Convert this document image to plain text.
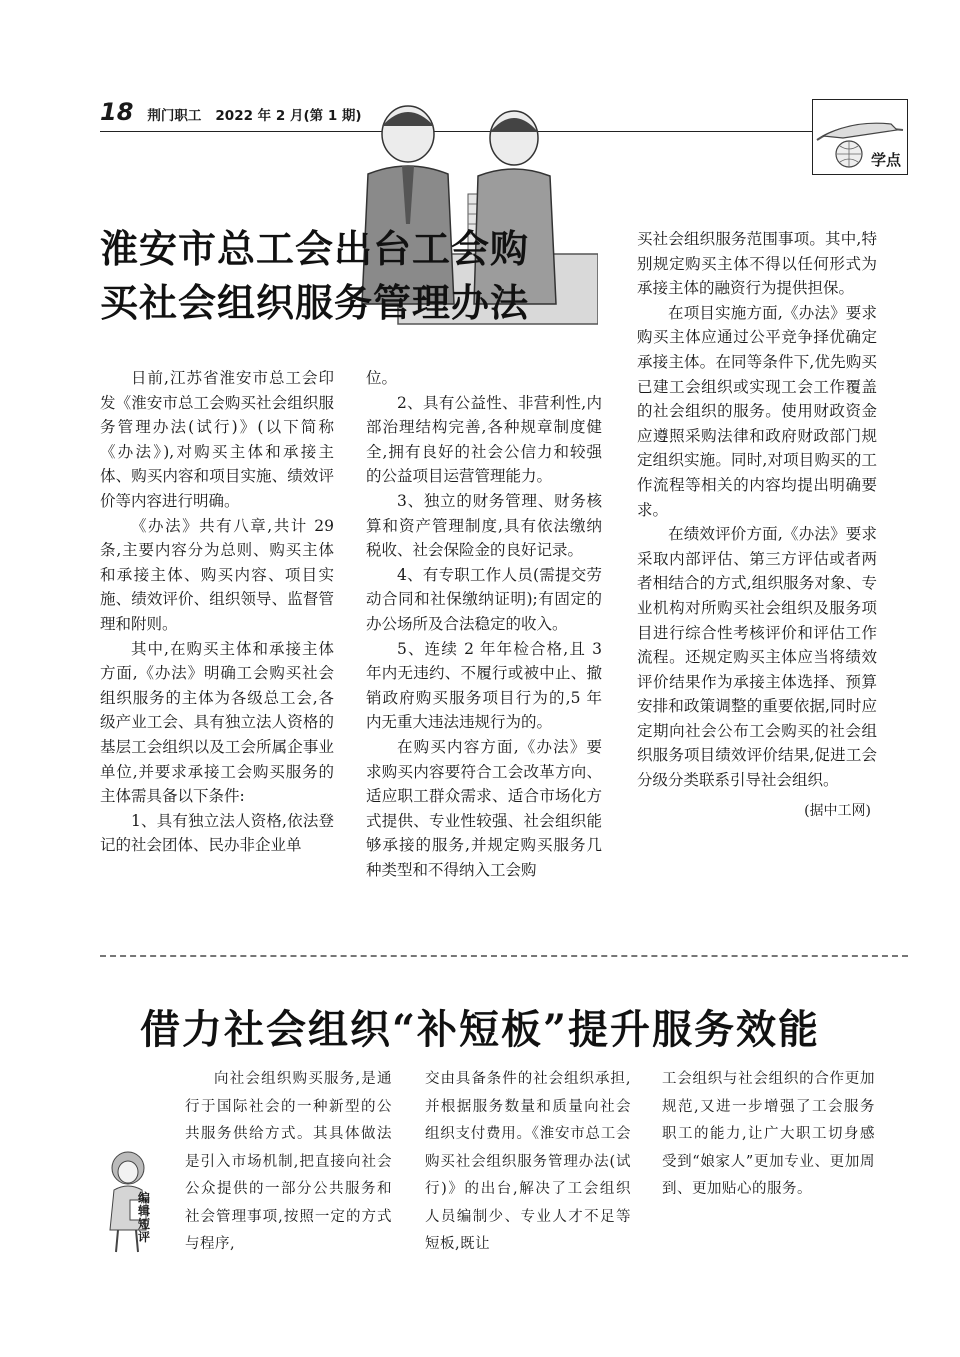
18 荆门职工 2022 年 2 月(第 1 期)
学点
淮安市总工会出台工会购
买社会组织服务管理办法

日前,江苏省淮安市总工会印发《淮安市总工会购买社会组织服务管理办法(试行)》(以下简称《办法》),对购买主体和承接主体、购买内容和项目实施、绩效评价等内容进行明确。

《办法》共有八章,共计 29 条,主要内容分为总则、购买主体和承接主体、购买内容、项目实施、绩效评价、组织领导、监督管理和附则。

其中,在购买主体和承接主体方面,《办法》明确工会购买社会组织服务的主体为各级总工会,各级产业工会、具有独立法人资格的基层工会组织以及工会所属企事业单位,并要求承接工会购买服务的主体需具备以下条件:

1、具有独立法人资格,依法登记的社会团体、民办非企业单

位。

2、具有公益性、非营利性,内部治理结构完善,各种规章制度健全,拥有良好的社会公信力和较强的公益项目运营管理能力。

3、独立的财务管理、财务核算和资产管理制度,具有依法缴纳税收、社会保险金的良好记录。

4、有专职工作人员(需提交劳动合同和社保缴纳证明);有固定的办公场所及合法稳定的收入。

5、连续 2 年年检合格,且 3 年内无违约、不履行或被中止、撤销政府购买服务项目行为的,5 年内无重大违法违规行为的。

在购买内容方面,《办法》要求购买内容要符合工会改革方向、适应职工群众需求、适合市场化方式提供、专业性较强、社会组织能够承接的服务,并规定购买服务几种类型和不得纳入工会购

买社会组织服务范围事项。其中,特别规定购买主体不得以任何形式为承接主体的融资行为提供担保。

在项目实施方面,《办法》要求购买主体应通过公平竞争择优确定承接主体。在同等条件下,优先购买已建工会组织或实现工会工作覆盖的社会组织的服务。使用财政资金应遵照采购法律和政府财政部门规定组织实施。同时,对项目购买的工作流程等相关的内容均提出明确要求。

在绩效评价方面,《办法》要求采取内部评估、第三方评估或者两者相结合的方式,组织服务对象、专业机构对所购买社会组织及服务项目进行综合性考核评价和评估工作流程。还规定购买主体应当将绩效评价结果作为承接主体选择、预算安排和政策调整的重要依据,同时应定期向社会公布工会购买的社会组织服务项目绩效评价结果,促进工会分级分类联系引导社会组织。

(据中工网)
借力社会组织“补短板”提升服务效能
编
辑
短
评
向社会组织购买服务,是通行于国际社会的一种新型的公共服务供给方式。其具体做法是引入市场机制,把直接向社会公众提供的一部分公共服务和社会管理事项,按照一定的方式与程序,
交由具备条件的社会组织承担,并根据服务数量和质量向社会组织支付费用。《淮安市总工会购买社会组织服务管理办法(试行)》的出台,解决了工会组织人员编制少、专业人才不足等短板,既让
工会组织与社会组织的合作更加规范,又进一步增强了工会服务职工的能力,让广大职工切身感受到“娘家人”更加专业、更加周到、更加贴心的服务。
